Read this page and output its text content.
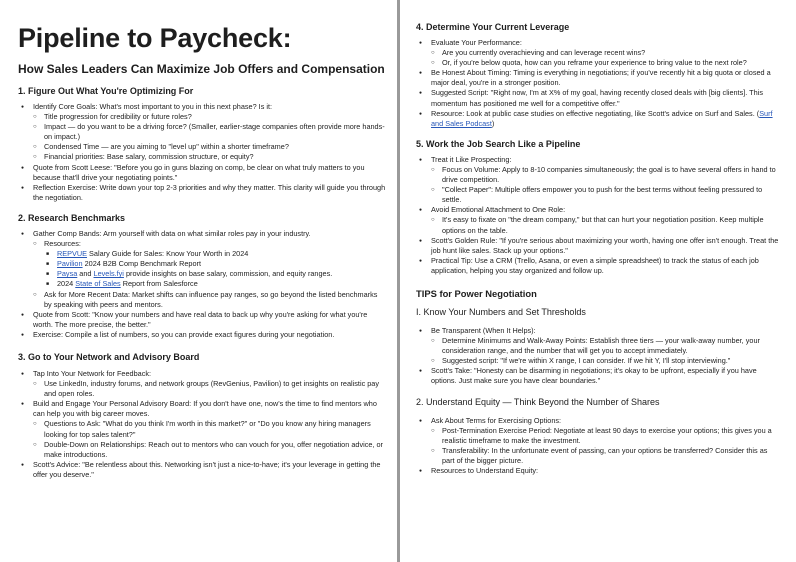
Pipeline to Paycheck:
How Sales Leaders Can Maximize Job Offers and Compensation
1. Figure Out What You're Optimizing For
● Identify Core Goals: What's most important to you in this next phase? Is it:
○ Title progression for credibility or future roles?
○ Impact — do you want to be a driving force? (Smaller, earlier-stage companies often provide more hands-on impact.)
○ Condensed Time — are you aiming to "level up" within a shorter timeframe?
○ Financial priorities: Base salary, commission structure, or equity?
● Quote from Scott Leese: "Before you go in guns blazing on comp, be clear on what truly matters to you because that'll drive your negotiating points."
● Reflection Exercise: Write down your top 2-3 priorities and why they matter. This clarity will guide you through the negotiation.
2. Research Benchmarks
● Gather Comp Bands: Arm yourself with data on what similar roles pay in your industry.
○ Resources:
■ REPVUE Salary Guide for Sales: Know Your Worth in 2024
■ Pavilion 2024 B2B Comp Benchmark Report
■ Paysa and Levels.fyi provide insights on base salary, commission, and equity ranges.
■ 2024 State of Sales Report from Salesforce
○ Ask for More Recent Data: Market shifts can influence pay ranges, so go beyond the listed benchmarks by speaking with peers and mentors.
● Quote from Scott: "Know your numbers and have real data to back up why you're asking for what you're worth. The more precise, the better."
● Exercise: Compile a list of numbers, so you can provide exact figures during your negotiation.
3. Go to Your Network and Advisory Board
● Tap Into Your Network for Feedback:
○ Use LinkedIn, industry forums, and network groups (RevGenius, Pavilion) to get insights on realistic pay and open roles.
● Build and Engage Your Personal Advisory Board: If you don't have one, now's the time to find mentors who can help you with big career moves.
○ Questions to Ask: "What do you think I'm worth in this market?" or "Do you know any hiring managers looking for top sales talent?"
○ Double-Down on Relationships: Reach out to mentors who can vouch for you, offer negotiation advice, or make introductions.
● Scott's Advice: "Be relentless about this. Networking isn't just a nice-to-have; it's your leverage in getting the offer you deserve."
4. Determine Your Current Leverage
● Evaluate Your Performance:
○ Are you currently overachieving and can leverage recent wins?
○ Or, if you're below quota, how can you reframe your experience to bring value to the next role?
● Be Honest About Timing: Timing is everything in negotiations; if you've recently hit a big quota or closed a major deal, you're in a stronger position.
● Suggested Script: "Right now, I'm at X% of my goal, having recently closed deals with [big clients]. This momentum has positioned me well for a competitive offer."
● Resource: Look at public case studies on effective negotiating, like Scott's advice on Surf and Sales. (Surf and Sales Podcast)
5. Work the Job Search Like a Pipeline
● Treat it Like Prospecting:
○ Focus on Volume: Apply to 8-10 companies simultaneously; the goal is to have several offers in hand to drive competition.
○ "Collect Paper": Multiple offers empower you to push for the best terms without feeling pressured to settle.
● Avoid Emotional Attachment to One Role:
○ It's easy to fixate on "the dream company," but that can hurt your negotiation position. Keep multiple options on the table.
● Scott's Golden Rule: "If you're serious about maximizing your worth, having one offer isn't enough. Treat the job hunt like sales. Stack up your options."
● Practical Tip: Use a CRM (Trello, Asana, or even a simple spreadsheet) to track the status of each job application, helping you stay organized and follow up.
TIPS for Power Negotiation
I. Know Your Numbers and Set Thresholds
● Be Transparent (When It Helps):
○ Determine Minimums and Walk-Away Points: Establish three tiers — your walk-away number, your consideration range, and the number that will get you to accept immediately.
○ Suggested script: "If we're within X range, I can consider. If we hit Y, I'll stop interviewing."
● Scott's Take: "Honesty can be disarming in negotiations; it's okay to be upfront, especially if you have options. Just make sure you have clear boundaries."
2. Understand Equity — Think Beyond the Number of Shares
● Ask About Terms for Exercising Options:
○ Post-Termination Exercise Period: Negotiate at least 90 days to exercise your options; this gives you a realistic timeframe to make the investment.
○ Transferability: In the unfortunate event of passing, can your options be transferred? Consider this as part of the bigger picture.
● Resources to Understand Equity:
